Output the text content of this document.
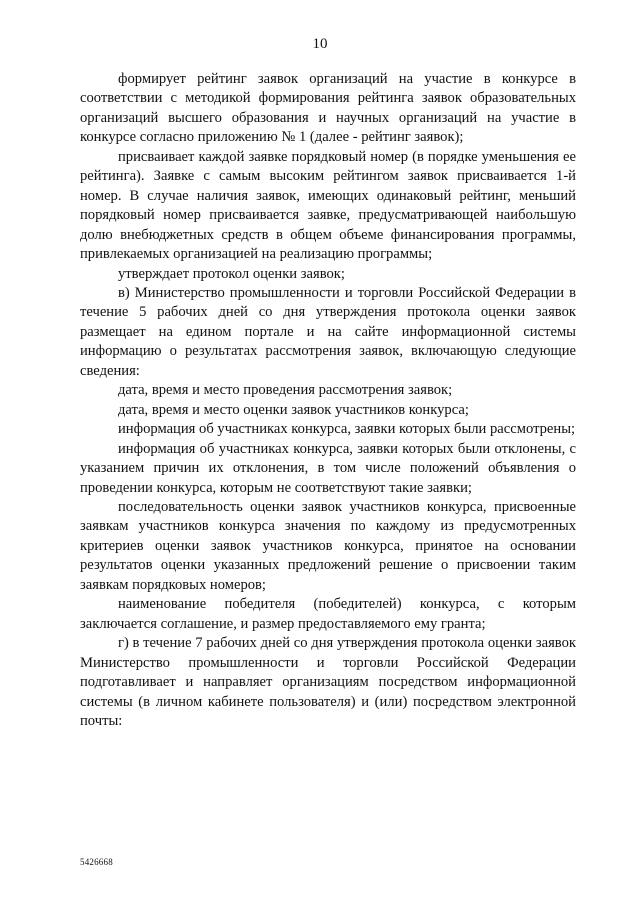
10

формирует рейтинг заявок организаций на участие в конкурсе в соответствии с методикой формирования рейтинга заявок образовательных организаций высшего образования и научных организаций на участие в конкурсе согласно приложению № 1 (далее - рейтинг заявок);

присваивает каждой заявке порядковый номер (в порядке уменьшения ее рейтинга). Заявке с самым высоким рейтингом заявок присваивается 1-й номер. В случае наличия заявок, имеющих одинаковый рейтинг, меньший порядковый номер присваивается заявке, предусматривающей наибольшую долю внебюджетных средств в общем объеме финансирования программы, привлекаемых организацией на реализацию программы;

утверждает протокол оценки заявок;

в) Министерство промышленности и торговли Российской Федерации в течение 5 рабочих дней со дня утверждения протокола оценки заявок размещает на едином портале и на сайте информационной системы информацию о результатах рассмотрения заявок, включающую следующие сведения:

дата, время и место проведения рассмотрения заявок;

дата, время и место оценки заявок участников конкурса;

информация об участниках конкурса, заявки которых были рассмотрены;

информация об участниках конкурса, заявки которых были отклонены, с указанием причин их отклонения, в том числе положений объявления о проведении конкурса, которым не соответствуют такие заявки;

последовательность оценки заявок участников конкурса, присвоенные заявкам участников конкурса значения по каждому из предусмотренных критериев оценки заявок участников конкурса, принятое на основании результатов оценки указанных предложений решение о присвоении таким заявкам порядковых номеров;

наименование победителя (победителей) конкурса, с которым заключается соглашение, и размер предоставляемого ему гранта;

г) в течение 7 рабочих дней со дня утверждения протокола оценки заявок Министерство промышленности и торговли Российской Федерации подготавливает и направляет организациям посредством информационной системы (в личном кабинете пользователя) и (или) посредством электронной почты:

5426668
